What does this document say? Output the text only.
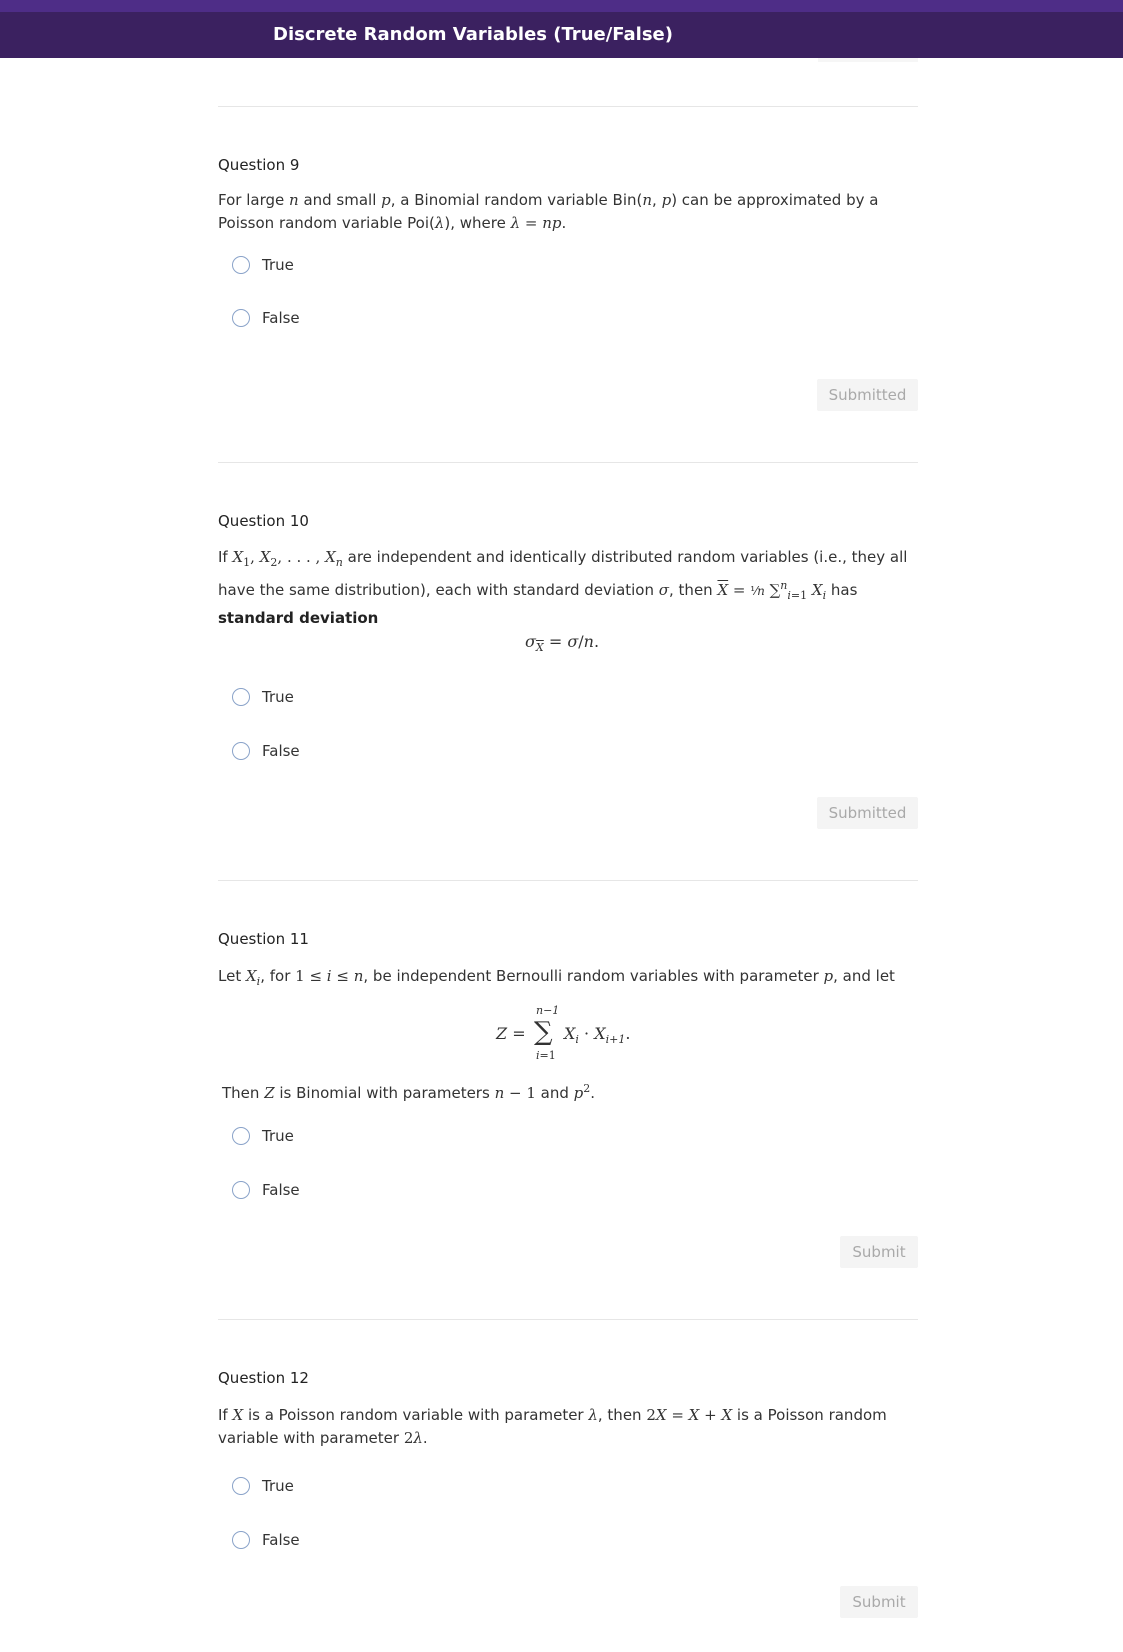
Discrete Random Variables (True/False)
Question 9
For large n and small p, a Binomial random variable Bin(n, p) can be approximated by a Poisson random variable Poi(λ), where λ = np.
True
False
Submitted
Question 10
If $X_1$, $X_2$, . . . , $X_n$ are independent and identically distributed random variables (i.e., they all have the same distribution), each with standard deviation σ, then $\overline{X}$ = ¹⁄n ∑$^n_{i=1}$ $X_i$ has standard deviation
$\sigma_{\overline{X}} = \sigma/n$.
True
False
Submitted
Question 11
Let $X_i$, for 1 ≤ i ≤ n, be independent Bernoulli random variables with parameter p, and let
n−1
Z = ∑ $X_i \cdot X_{i+1}$.
i=1
Then Z is Binomial with parameters n − 1 and $p^2$.
True
False
Submit
Question 12
If X is a Poisson random variable with parameter λ, then 2X = X + X is a Poisson random variable with parameter 2λ.
True
False
Submit
